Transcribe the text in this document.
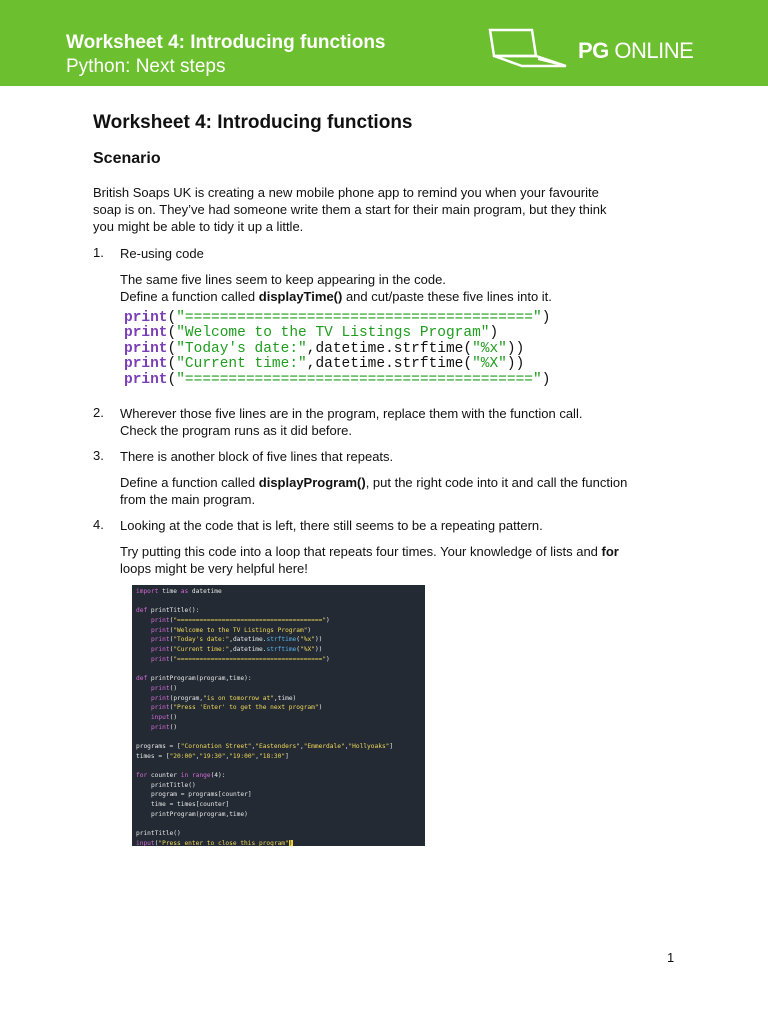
Worksheet 4: Introducing functions
Python: Next steps
PG ONLINE
Worksheet 4: Introducing functions
Scenario

British Soaps UK is creating a new mobile phone app to remind you when your favourite

soap is on. They’ve had someone write them a start for their main program, but they think

you might be able to tidy it up a little.

1. Re-using code

The same five lines seem to keep appearing in the code.

Define a function called displayTime() and cut/paste these five lines into it.

print("========================================")
print("Welcome to the TV Listings Program")
print("Today's date:",datetime.strftime("%x"))
print("Current time:",datetime.strftime("%X"))
print("========================================")
2. Wherever those five lines are in the program, replace them with the function call.

Check the program runs as it did before.

3. There is another block of five lines that repeats.

Define a function called displayProgram(), put the right code into it and call the function

from the main program.

4. Looking at the code that is left, there still seems to be a repeating pattern.

Try putting this code into a loop that repeats four times. Your knowledge of lists and for

loops might be very helpful here!

import time as datetime
def printTitle():
print("=======================================")
print("Welcome to the TV Listings Program")
print("Today's date:",datetime.strftime("%x"))
print("Current time:",datetime.strftime("%X"))
print("=======================================")
def printProgram(program,time):
print()
print(program,"is on tomorrow at",time)
print("Press 'Enter' to get the next program")
input()
print()
programs = ["Coronation Street","Eastenders","Emmerdale","Hollyoaks"]
times = ["20:00","19:30","19:00","18:30"]
for counter in range(4):
printTitle()
program = programs[counter]
time = times[counter]
printProgram(program,time)
printTitle()
input("Press enter to close this program")
1
